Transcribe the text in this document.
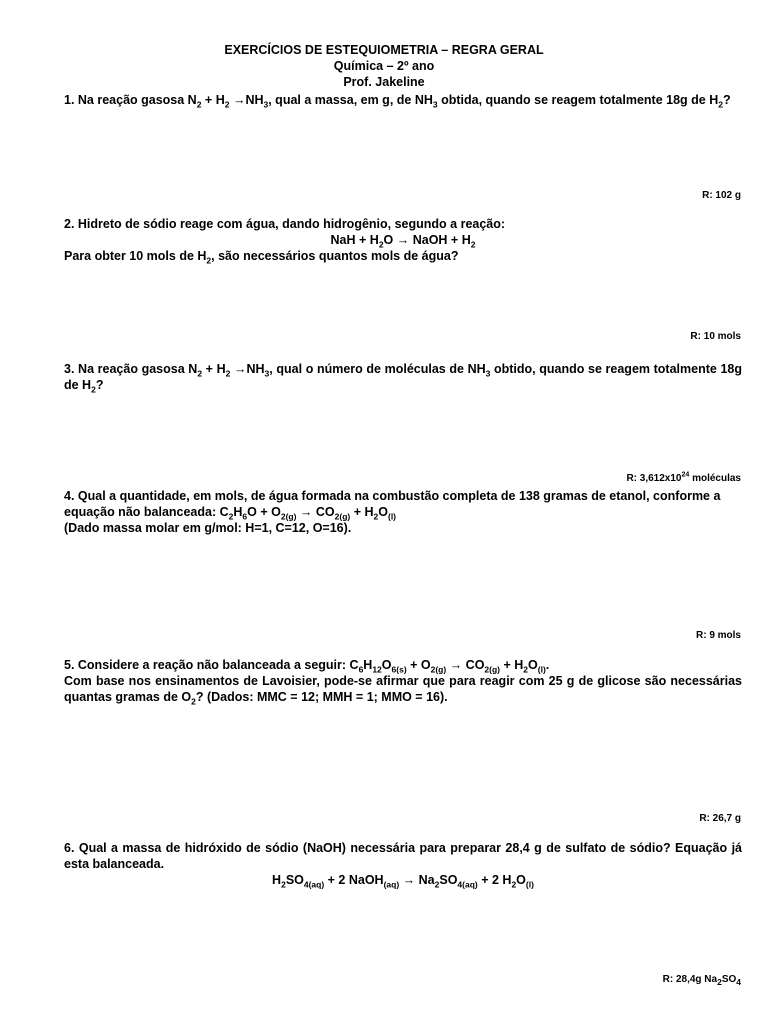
EXERCÍCIOS DE ESTEQUIOMETRIA – REGRA GERAL
Química – 2º ano
Prof. Jakeline
1. Na reação gasosa $N_2 + H_2 \to NH_3$, qual a massa, em g, de $NH_3$ obtida, quando se reagem totalmente 18g de $H_2$?
R: 102 g
2. Hidreto de sódio reage com água, dando hidrogênio, segundo a reação:
NaH + $H_2O$ → NaOH + $H_2$
Para obter 10 mols de $H_2$, são necessários quantos mols de água?
R: 10 mols
3. Na reação gasosa $N_2 + H_2 \to NH_3$, qual o número de moléculas de $NH_3$ obtido, quando se reagem totalmente 18g de $H_2$?
R: $3,612x10^{24}$ moléculas
4. Qual a quantidade, em mols, de água formada na combustão completa de 138 gramas de etanol, conforme a
equação não balanceada: $C_2H_6O + O_{2(g)} \to CO_{2(g)} + H_2O_{(l)}$
(Dado massa molar em g/mol: H=1, C=12, O=16).
R: 9 mols
5. Considere a reação não balanceada a seguir: $C_6H_{12}O_{6(s)} + O_{2(g)} \to CO_{2(g)} + H_2O_{(l)}$.
Com base nos ensinamentos de Lavoisier, pode-se afirmar que para reagir com 25 g de glicose são necessárias quantas gramas de $O_2$? (Dados: MMC = 12; MMH = 1; MMO = 16).
R: 26,7 g
6. Qual a massa de hidróxido de sódio (NaOH) necessária para preparar 28,4 g de sulfato de sódio? Equação já esta balanceada.
$H_2SO_{4(aq)} + 2$ NaOH$_{(aq)}$ → $Na_2SO_{4(aq)} + 2$ $H_2O_{(l)}$
R: 28,4g $Na_2SO_4$
